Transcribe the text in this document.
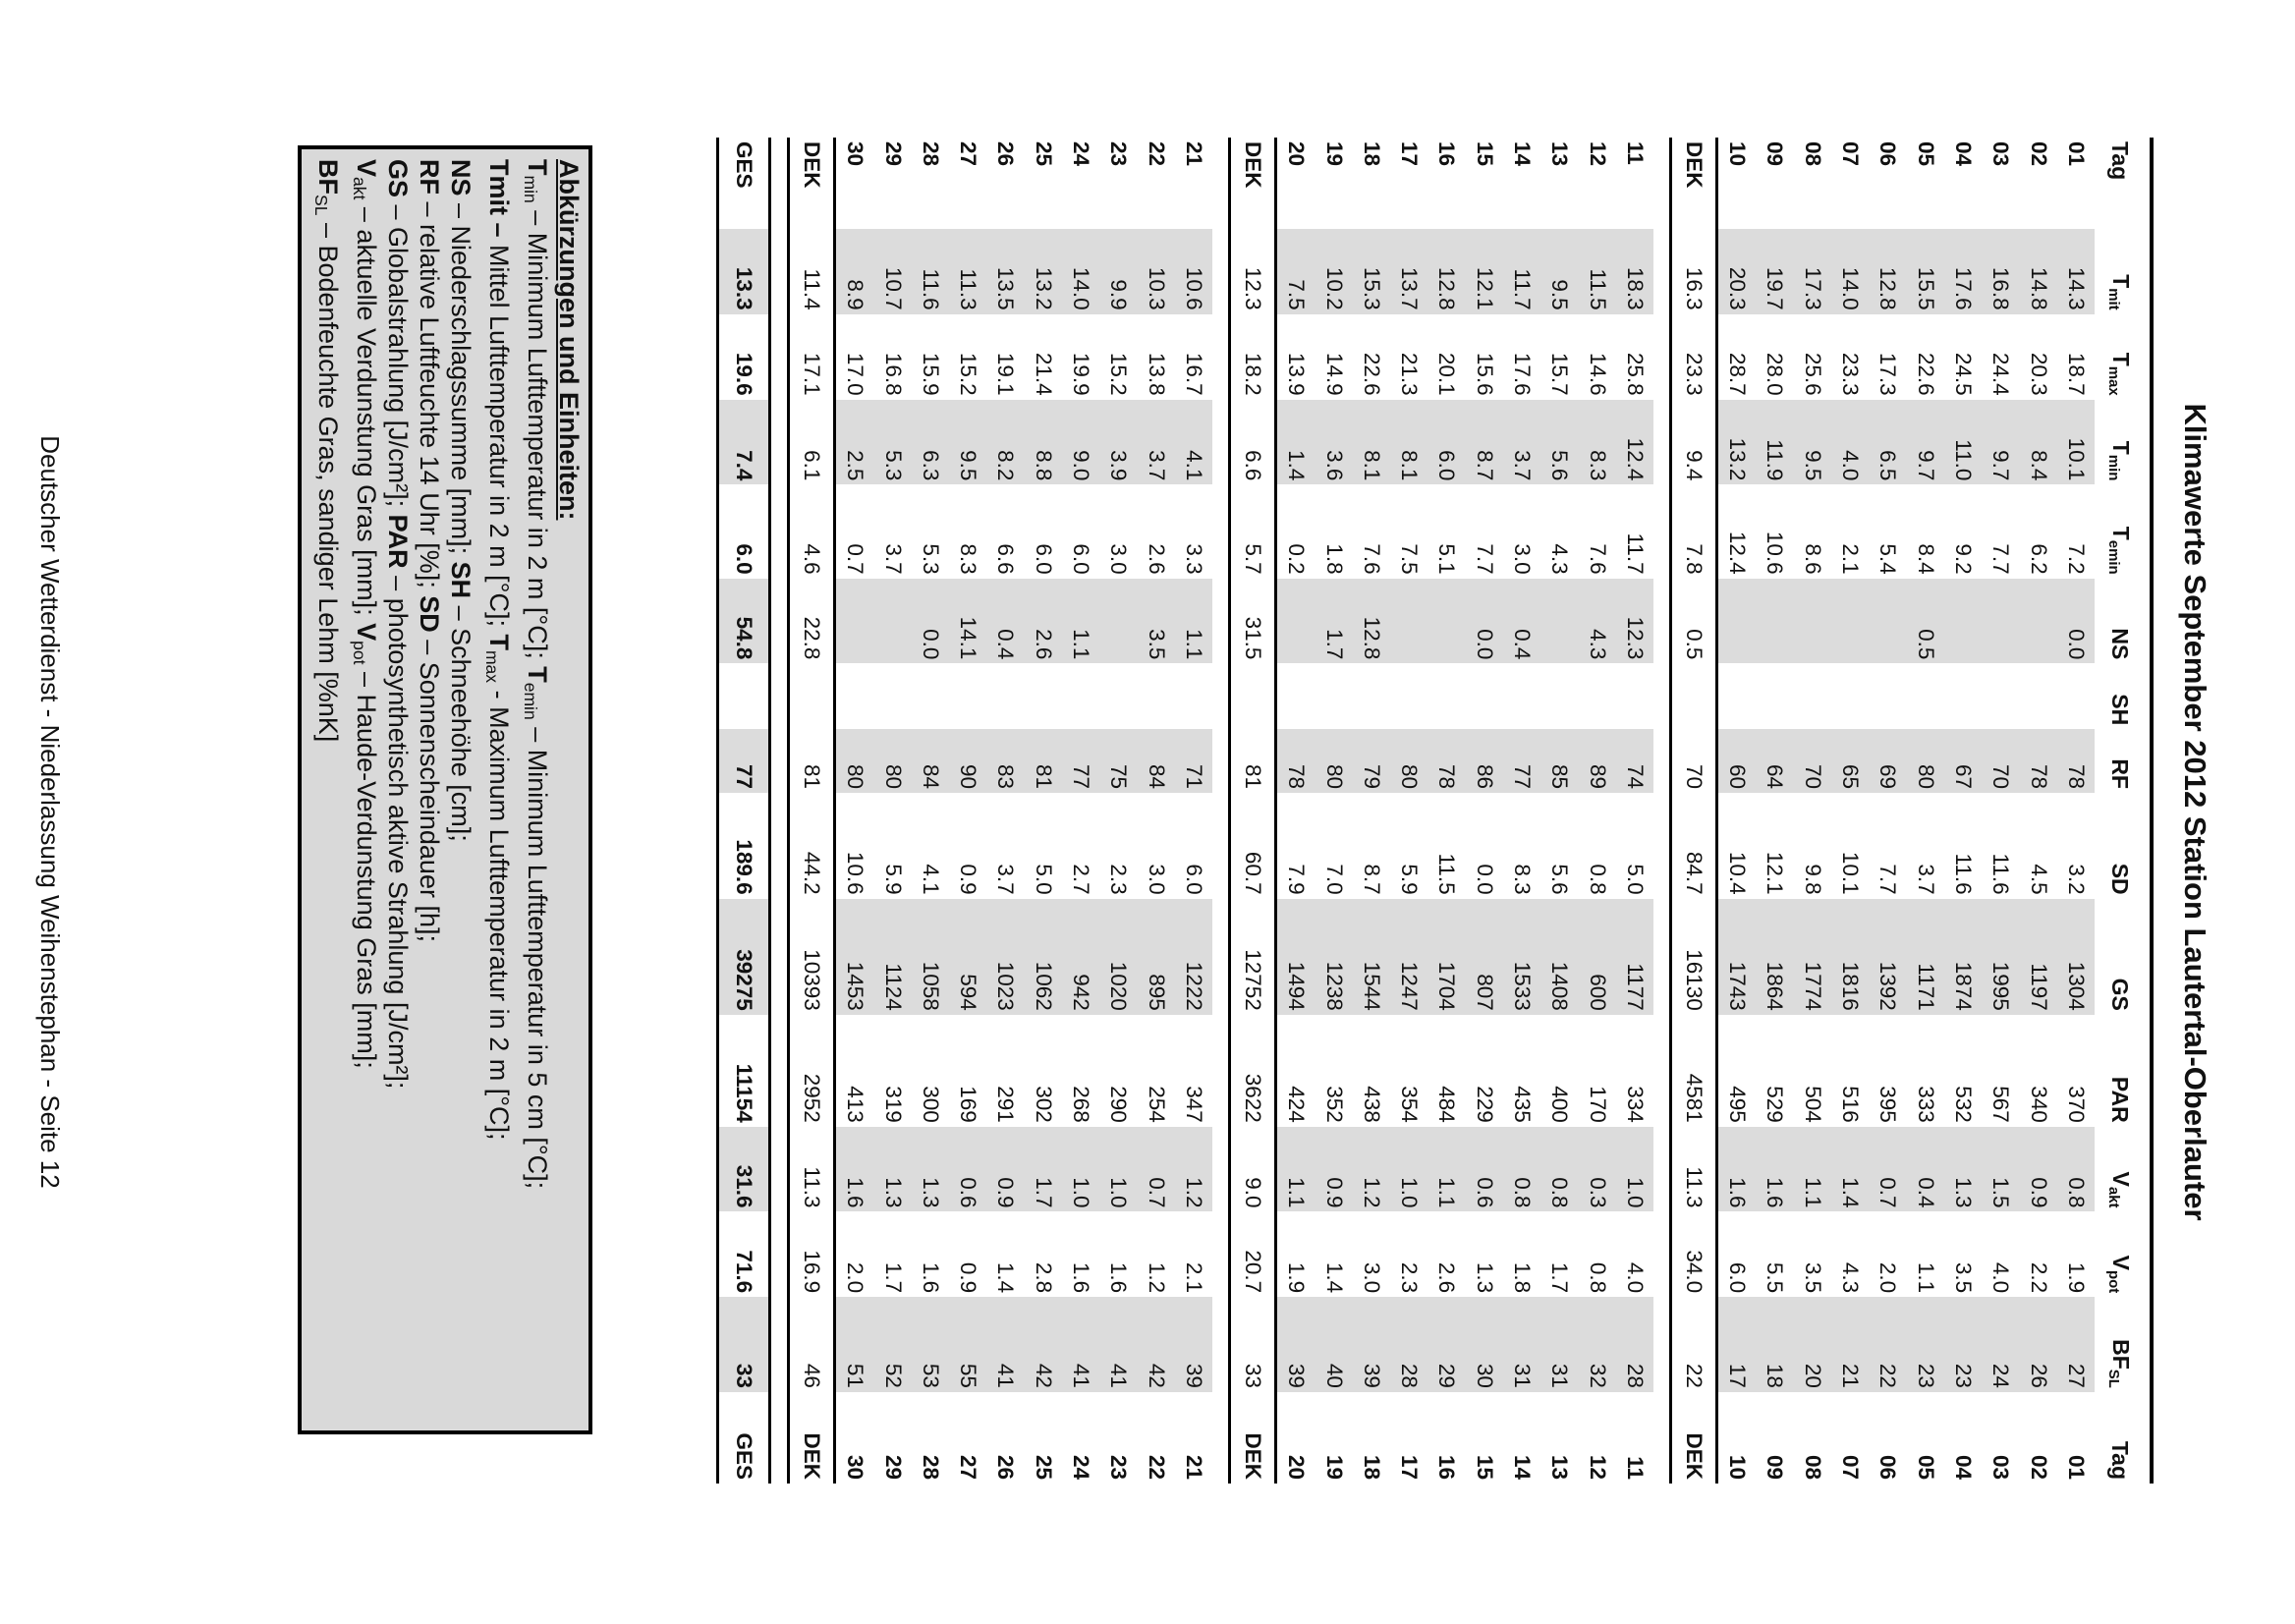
Klimawerte September 2012 Station Lautertal-Oberlauter
Tag	$T_{mit}$	$T_{max}$	$T_{min}$	$T_{emin}$	NS	SH	RF	SD	GS	PAR	$V_{akt}$	$V_{pot}$	$BF_{SL}$	Tag
01	14.3	18.7	10.1	7.2	0.0		78	3.2	1304	370	0.8	1.9	27	01
02	14.8	20.3	8.4	6.2			78	4.5	1197	340	0.9	2.2	26	02
03	16.8	24.4	9.7	7.7			70	11.6	1995	567	1.5	4.0	24	03
04	17.6	24.5	11.0	9.2			67	11.6	1874	532	1.3	3.5	23	04
05	15.5	22.6	9.7	8.4	0.5		80	3.7	1171	333	0.4	1.1	23	05
06	12.8	17.3	6.5	5.4			69	7.7	1392	395	0.7	2.0	22	06
07	14.0	23.3	4.0	2.1			65	10.1	1816	516	1.4	4.3	21	07
08	17.3	25.6	9.5	8.6			70	9.8	1774	504	1.1	3.5	20	08
09	19.7	28.0	11.9	10.6			64	12.1	1864	529	1.6	5.5	18	09
10	20.3	28.7	13.2	12.4			60	10.4	1743	495	1.6	6.0	17	10
DEK	16.3	23.3	9.4	7.8	0.5		70	84.7	16130	4581	11.3	34.0	22	DEK

11	18.3	25.8	12.4	11.7	12.3		74	5.0	1177	334	1.0	4.0	28	11
12	11.5	14.6	8.3	7.6	4.3		89	0.8	600	170	0.3	0.8	32	12
13	9.5	15.7	5.6	4.3			85	5.6	1408	400	0.8	1.7	31	13
14	11.7	17.6	3.7	3.0	0.4		77	8.3	1533	435	0.8	1.8	31	14
15	12.1	15.6	8.7	7.7	0.0		86	0.0	807	229	0.6	1.3	30	15
16	12.8	20.1	6.0	5.1			78	11.5	1704	484	1.1	2.6	29	16
17	13.7	21.3	8.1	7.5			80	5.9	1247	354	1.0	2.3	28	17
18	15.3	22.6	8.1	7.6	12.8		79	8.7	1544	438	1.2	3.0	39	18
19	10.2	14.9	3.6	1.8	1.7		80	7.0	1238	352	0.9	1.4	40	19
20	7.5	13.9	1.4	0.2			78	7.9	1494	424	1.1	1.9	39	20
DEK	12.3	18.2	6.6	5.7	31.5		81	60.7	12752	3622	9.0	20.7	33	DEK

21	10.6	16.7	4.1	3.3	1.1		71	6.0	1222	347	1.2	2.1	39	21
22	10.3	13.8	3.7	2.6	3.5		84	3.0	895	254	0.7	1.2	42	22
23	9.9	15.2	3.9	3.0			75	2.3	1020	290	1.0	1.6	41	23
24	14.0	19.9	9.0	6.0	1.1		77	2.7	942	268	1.0	1.6	41	24
25	13.2	21.4	8.8	6.0	2.6		81	5.0	1062	302	1.7	2.8	42	25
26	13.5	19.1	8.2	6.6	0.4		83	3.7	1023	291	0.9	1.4	41	26
27	11.3	15.2	9.5	8.3	14.1		90	0.9	594	169	0.6	0.9	55	27
28	11.6	15.9	6.3	5.3	0.0		84	4.1	1058	300	1.3	1.6	53	28
29	10.7	16.8	5.3	3.7			80	5.9	1124	319	1.3	1.7	52	29
30	8.9	17.0	2.5	0.7			80	10.6	1453	413	1.6	2.0	51	30
DEK	11.4	17.1	6.1	4.6	22.8		81	44.2	10393	2952	11.3	16.9	46	DEK

GES	13.3	19.6	7.4	6.0	54.8		77	189.6	39275	11154	31.6	71.6	33	GES
Abkürzungen und Einheiten:
$T_{min}$ – Minimum Lufttemperatur in 2 m [°C]; $T_{emin}$ – Minimum Lufttemperatur in 5 cm [°C];
Tmit – Mittel Lufttemperatur in 2 m [°C]; $T_{max}$ - Maximum Lufttemperatur in 2 m [°C];
NS – Niederschlagssumme [mm]; SH – Schneehöhe [cm];
RF – relative Luftfeuchte 14 Uhr [%]; SD – Sonnenscheindauer [h];
GS – Globalstrahlung [J/cm²]; PAR – photosynthetisch aktive Strahlung [J/cm²];
$V_{akt}$ – aktuelle Verdunstung Gras [mm]; $V_{pot}$ – Haude-Verdunstung Gras [mm];
$BF_{SL}$ – Bodenfeuchte Gras, sandiger Lehm [%nK]
Deutscher Wetterdienst - Niederlassung Weihenstephan - Seite 12
